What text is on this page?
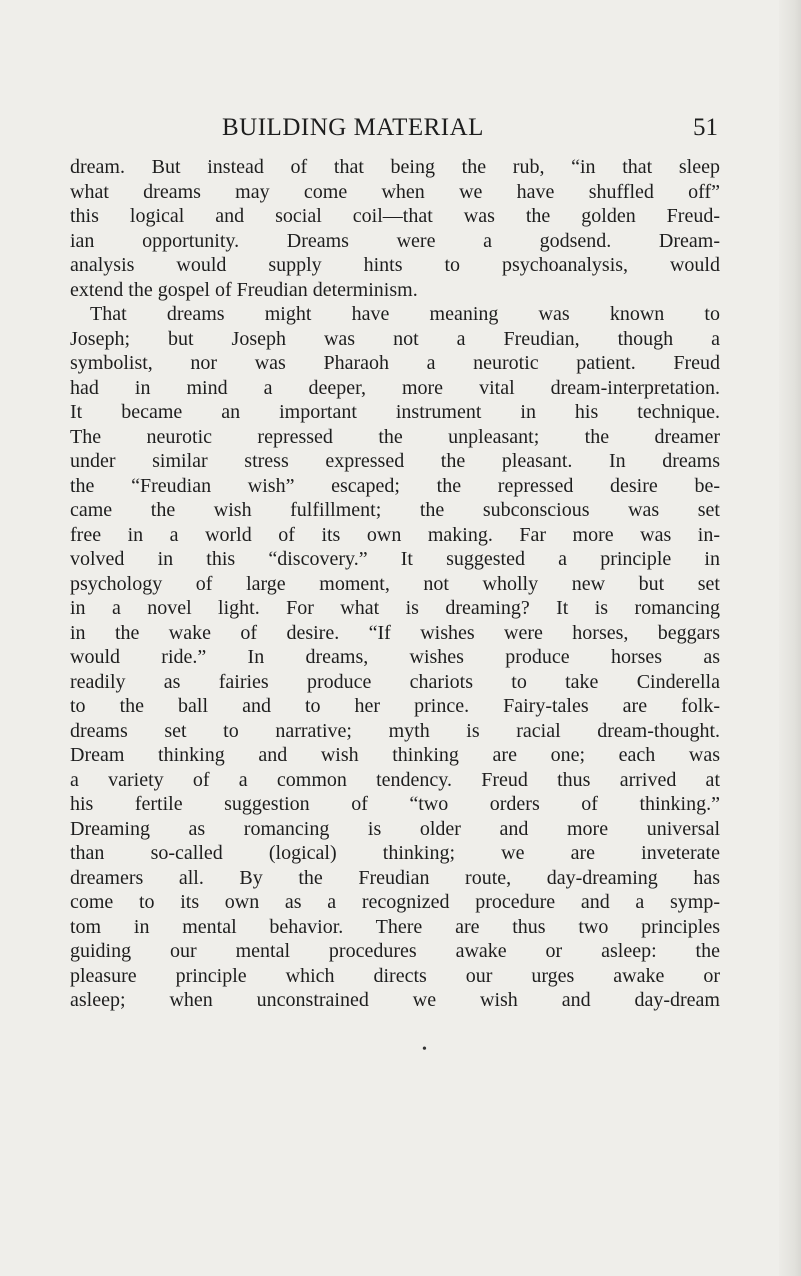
BUILDING MATERIAL	51
dream. But instead of that being the rub, “in that sleep
what dreams may come when we have shuffled off”
this logical and social coil—that was the golden Freud-
ian opportunity. Dreams were a godsend. Dream-
analysis would supply hints to psychoanalysis, would
extend the gospel of Freudian determinism.
That dreams might have meaning was known to
Joseph; but Joseph was not a Freudian, though a
symbolist, nor was Pharaoh a neurotic patient. Freud
had in mind a deeper, more vital dream-interpretation.
It became an important instrument in his technique.
The neurotic repressed the unpleasant; the dreamer
under similar stress expressed the pleasant. In dreams
the “Freudian wish” escaped; the repressed desire be-
came the wish fulfillment; the subconscious was set
free in a world of its own making. Far more was in-
volved in this “discovery.” It suggested a principle in
psychology of large moment, not wholly new but set
in a novel light. For what is dreaming? It is romancing
in the wake of desire. “If wishes were horses, beggars
would ride.” In dreams, wishes produce horses as
readily as fairies produce chariots to take Cinderella
to the ball and to her prince. Fairy-tales are folk-
dreams set to narrative; myth is racial dream-thought.
Dream thinking and wish thinking are one; each was
a variety of a common tendency. Freud thus arrived at
his fertile suggestion of “two orders of thinking.”
Dreaming as romancing is older and more universal
than so-called (logical) thinking; we are inveterate
dreamers all. By the Freudian route, day-dreaming has
come to its own as a recognized procedure and a symp-
tom in mental behavior. There are thus two principles
guiding our mental procedures awake or asleep: the
pleasure principle which directs our urges awake or
asleep; when unconstrained we wish and day-dream
•
